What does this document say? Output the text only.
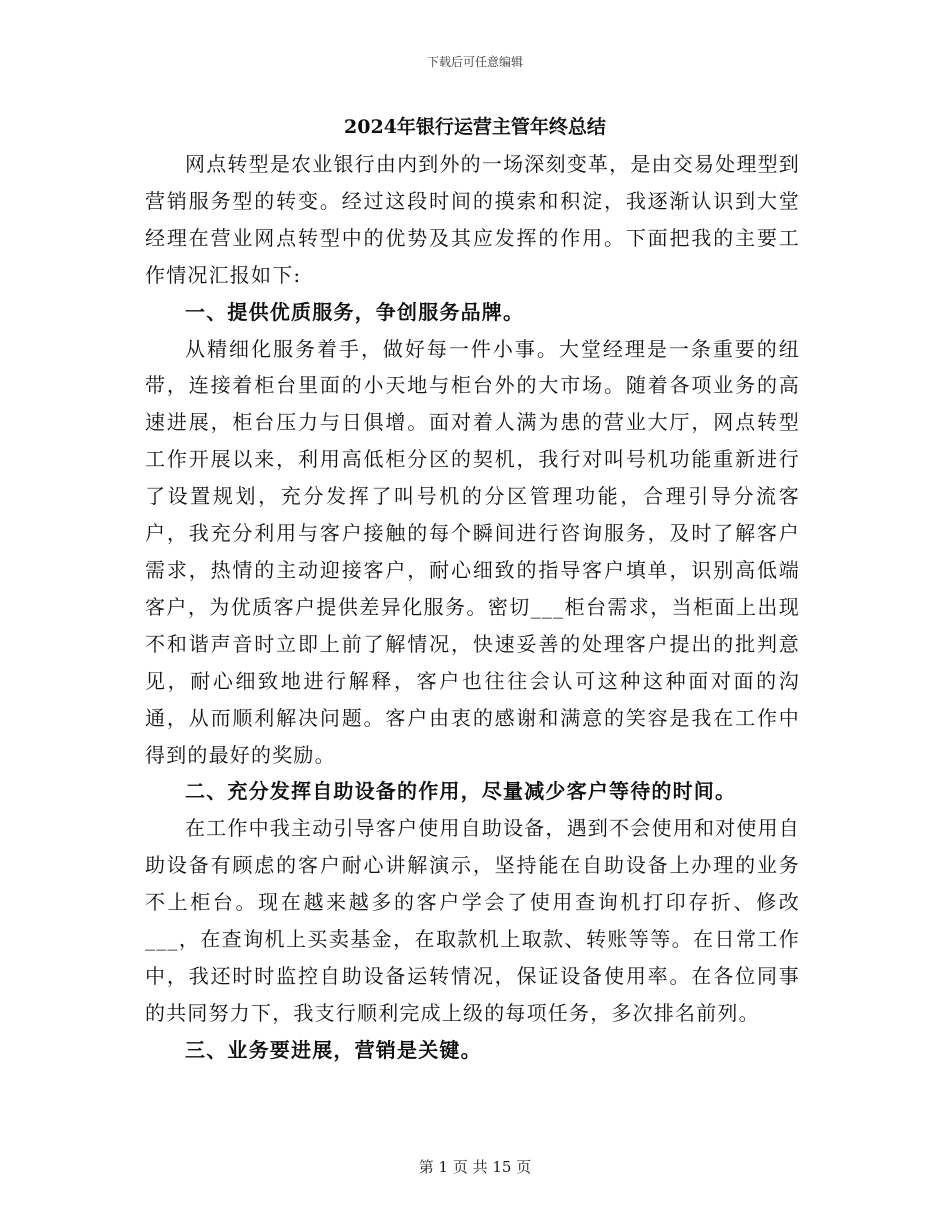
下载后可任意编辑
2024年银行运营主管年终总结

网点转型是农业银行由内到外的一场深刻变革，是由交易处理型到营销服务型的转变。经过这段时间的摸索和积淀，我逐渐认识到大堂经理在营业网点转型中的优势及其应发挥的作用。下面把我的主要工作情况汇报如下:

一、提供优质服务，争创服务品牌。

从精细化服务着手，做好每一件小事。大堂经理是一条重要的纽带，连接着柜台里面的小天地与柜台外的大市场。随着各项业务的高速进展，柜台压力与日俱增。面对着人满为患的营业大厅，网点转型工作开展以来，利用高低柜分区的契机，我行对叫号机功能重新进行了设置规划，充分发挥了叫号机的分区管理功能，合理引导分流客户，我充分利用与客户接触的每个瞬间进行咨询服务，及时了解客户需求，热情的主动迎接客户，耐心细致的指导客户填单，识别高低端客户，为优质客户提供差异化服务。密切___柜台需求，当柜面上出现不和谐声音时立即上前了解情况，快速妥善的处理客户提出的批判意见，耐心细致地进行解释，客户也往往会认可这种这种面对面的沟通，从而顺利解决问题。客户由衷的感谢和满意的笑容是我在工作中得到的最好的奖励。

二、充分发挥自助设备的作用，尽量减少客户等待的时间。

在工作中我主动引导客户使用自助设备，遇到不会使用和对使用自助设备有顾虑的客户耐心讲解演示，坚持能在自助设备上办理的业务不上柜台。现在越来越多的客户学会了使用查询机打印存折、修改___，在查询机上买卖基金，在取款机上取款、转账等等。在日常工作中，我还时时监控自助设备运转情况，保证设备使用率。在各位同事的共同努力下，我支行顺利完成上级的每项任务，多次排名前列。

三、业务要进展，营销是关键。

第 1 页 共 15 页
